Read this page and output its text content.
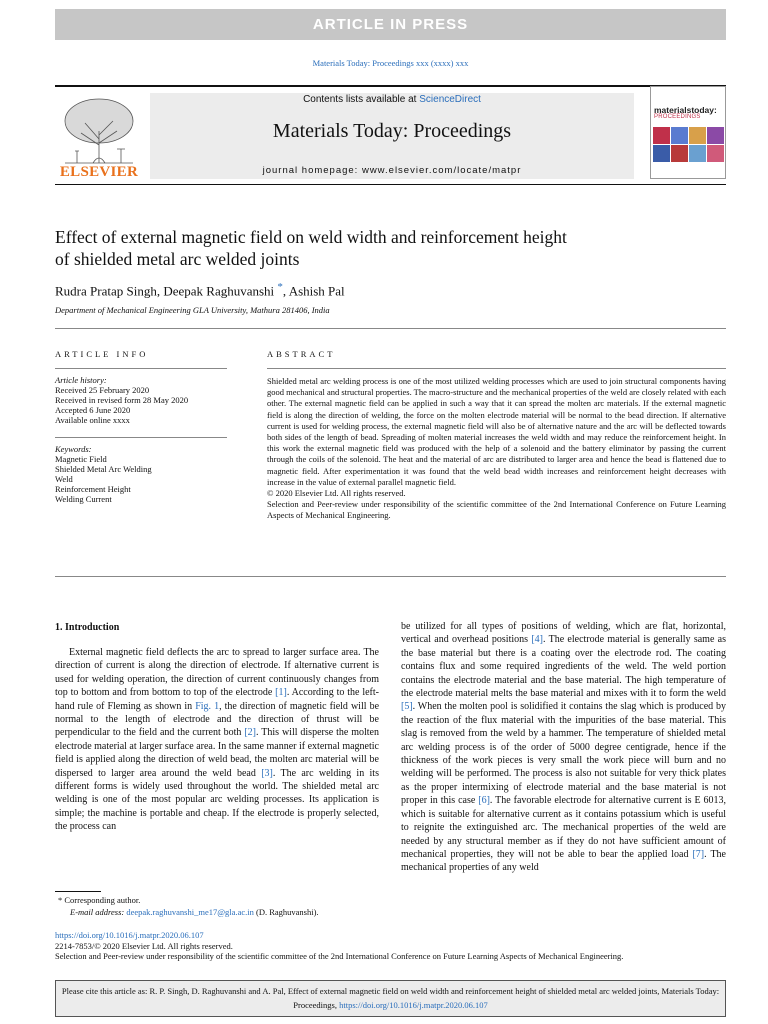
ARTICLE IN PRESS
Materials Today: Proceedings xxx (xxxx) xxx
ELSEVIER
Contents lists available at ScienceDirect
Materials Today: Proceedings
journal homepage: www.elsevier.com/locate/matpr
materialstoday:
PROCEEDINGS
Effect of external magnetic field on weld width and reinforcement height
of shielded metal arc welded joints
Rudra Pratap Singh, Deepak Raghuvanshi *, Ashish Pal
Department of Mechanical Engineering GLA University, Mathura 281406, India
ARTICLE INFO	ABSTRACT
Article history:
Received 25 February 2020
Received in revised form 28 May 2020
Accepted 6 June 2020
Available online xxxx
Keywords:
Magnetic Field
Shielded Metal Arc Welding
Weld
Reinforcement Height
Welding Current

Shielded metal arc welding process is one of the most utilized welding processes which are used to join structural components having good mechanical and structural properties. The macro-structure and the mechanical properties of the weld are closely related with each other. The external magnetic field can be applied in such a way that it can spread the molten arc materials. If the external magnetic field is along the direction of welding, the force on the molten electrode material will be normal to the bead direction. If alternative current is used for welding process, the external magnetic field will also be of alternative nature and the arc will be deflected towards both sides of the length of bead. Spreading of molten material increases the weld width and may reduce the reinforcement height. In this work the external magnetic field was produced with the help of a solenoid and the battery eliminator by passing the current through the coils of the solenoid. The heat and the material of arc are distributed to larger area and hence the bead is flattened due to magnetic field. After experimentation it was found that the weld bead width increases and reinforcement height decreases with increase in the value of external parallel magnetic field.

© 2020 Elsevier Ltd. All rights reserved.

Selection and Peer-review under responsibility of the scientific committee of the 2nd International Conference on Future Learning Aspects of Mechanical Engineering.

1. Introduction
External magnetic field deflects the arc to spread to larger surface area. The direction of current is along the direction of electrode. If alternative current is used for welding operation, the direction of current continuously changes from top to bottom and from bottom to top of the electrode [1]. According to the left-hand rule of Fleming as shown in Fig. 1, the direction of magnetic field will be normal to the length of electrode and the direction of thrust will be perpendicular to the field and the current both [2]. This will disperse the molten electrode material at larger surface area. In the same manner if external magnetic field is applied along the direction of weld bead, the molten arc material will be dispersed to larger area around the weld bead [3]. The arc welding in its different forms is widely used throughout the world. The shielded metal arc welding is one of the most popular arc welding processes. Its application is simple; the machine is portable and cheap. If the electrode is properly selected, the process can
be utilized for all types of positions of welding, which are flat, horizontal, vertical and overhead positions [4]. The electrode material is generally same as the base material but there is a coating over the electrode rod. The coating contains flux and some required ingredients of the weld. The weld portion contains the electrode material and the base material. The high temperature of the electrode material melts the base material and mixes with it to form the weld [5]. When the molten pool is solidified it contains the slag which is produced by the reaction of the flux material with the impurities of the base material. This slag is removed from the weld by a hammer. The temperature of shielded metal arc welding process is of the order of 5000 degree centigrade, hence if the thickness of the work pieces is very small the work piece will burn and no welding will be performed. The process is also not suitable for very thick plates as the proper intermixing of electrode material and the base material is not proper in this case [6]. The favorable electrode for alternative current is E 6013, which is suitable for alternative current as it contains potassium which is useful to reignite the extinguished arc. The mechanical properties of the weld are needed by any structural member as if they do not have sufficient amount of mechanical properties, they will not be able to bear the applied load [7]. The mechanical properties of any weld
* Corresponding author.
E-mail address: deepak.raghuvanshi_me17@gla.ac.in (D. Raghuvanshi).
https://doi.org/10.1016/j.matpr.2020.06.107
2214-7853/© 2020 Elsevier Ltd. All rights reserved.
Selection and Peer-review under responsibility of the scientific committee of the 2nd International Conference on Future Learning Aspects of Mechanical Engineering.
Please cite this article as: R. P. Singh, D. Raghuvanshi and A. Pal, Effect of external magnetic field on weld width and reinforcement height of shielded metal arc welded joints, Materials Today: Proceedings, https://doi.org/10.1016/j.matpr.2020.06.107
